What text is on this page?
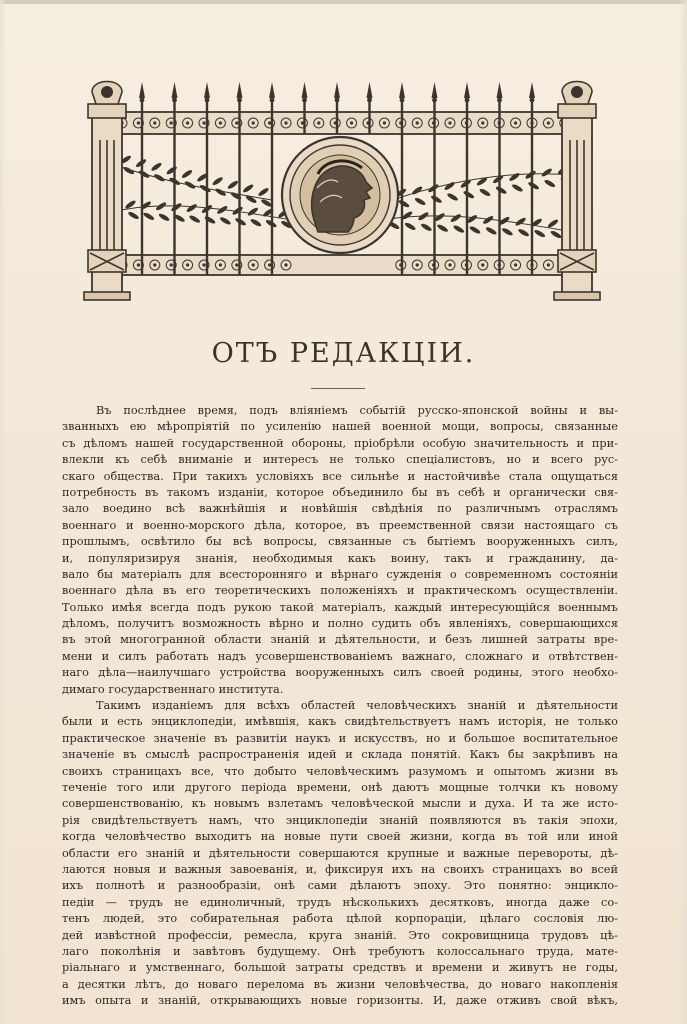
ОТЪ РЕДАКЦІИ.
Въ послѣднее время, подъ вліяніемъ событій русско-японской войны и вы-
званныхъ ею мѣропріятій по усиленію нашей военной мощи, вопросы, связанные
съ дѣломъ нашей государственной обороны, пріобрѣли особую значительность и при-
влекли къ себѣ вниманіе и интересъ не только спеціалистовъ, но и всего рус-
скаго общества. При такихъ условіяхъ все сильнѣе и настойчивѣе стала ощущаться
потребность въ такомъ изданіи, которое объединило бы въ себѣ и органически свя-
зало воедино всѣ важнѣйшія и новѣйшія свѣдѣнія по различнымъ отраслямъ
военнаго и военно-морского дѣла, которое, въ преемственной связи настоящаго съ
прошлымъ, освѣтило бы всѣ вопросы, связанные съ бытіемъ вооруженныхъ силъ,
и, популяризируя знанія, необходимыя какъ воину, такъ и гражданину, да-
вало бы матеріалъ для всесторонняго и вѣрнаго сужденія о современномъ состояніи
военнаго дѣла въ его теоретическихъ положеніяхъ и практическомъ осуществленіи.
Только имѣя всегда подъ рукою такой матеріалъ, каждый интересующійся военнымъ
дѣломъ, получитъ возможность вѣрно и полно судить объ явленіяхъ, совершающихся
въ этой многогранной области знаній и дѣятельности, и безъ лишней затраты вре-
мени и силъ работать надъ усовершенствованіемъ важнаго, сложнаго и отвѣтствен-
наго дѣла—наилучшаго устройства вооруженныхъ силъ своей родины, этого необхо-
димаго государственнаго института.
Такимъ изданіемъ для всѣхъ областей человѣческихъ знаній и дѣятельности
были и есть энциклопедіи, имѣвшія, какъ свидѣтельствуетъ намъ исторія, не только
практическое значеніе въ развитіи наукъ и искусствъ, но и большое воспитательное
значеніе въ смыслѣ распространенія идей и склада понятій. Какъ бы закрѣпивъ на
своихъ страницахъ все, что добыто человѣческимъ разумомъ и опытомъ жизни въ
теченіе того или другого періода времени, онѣ даютъ мощные толчки къ новому
совершенствованію, къ новымъ взлетамъ человѣческой мысли и духа. И та же исто-
рія свидѣтельствуетъ намъ, что энциклопедіи знаній появляются въ такія эпохи,
когда человѣчество выходитъ на новые пути своей жизни, когда въ той или иной
области его знаній и дѣятельности совершаются крупные и важные перевороты, дѣ-
лаются новыя и важныя завоеванія, и, фиксируя ихъ на своихъ страницахъ во всей
ихъ полнотѣ и разнообразіи, онѣ сами дѣлаютъ эпоху. Это понятно: энцикло-
педіи — трудъ не единоличный, трудъ нѣсколькихъ десятковъ, иногда даже со-
тенъ людей, это собирательная работа цѣлой корпораціи, цѣлаго сословія лю-
дей извѣстной профессіи, ремесла, круга знаній. Это сокровищница трудовъ цѣ-
лаго поколѣнія и завѣтовъ будущему. Онѣ требуютъ колоссальнаго труда, мате-
ріальнаго и умственнаго, большой затраты средствъ и времени и живутъ не годы,
а десятки лѣтъ, до новаго перелома въ жизни человѣчества, до новаго накопленія
имъ опыта и знаній, открывающихъ новые горизонты. И, даже отживъ свой вѣкъ,
